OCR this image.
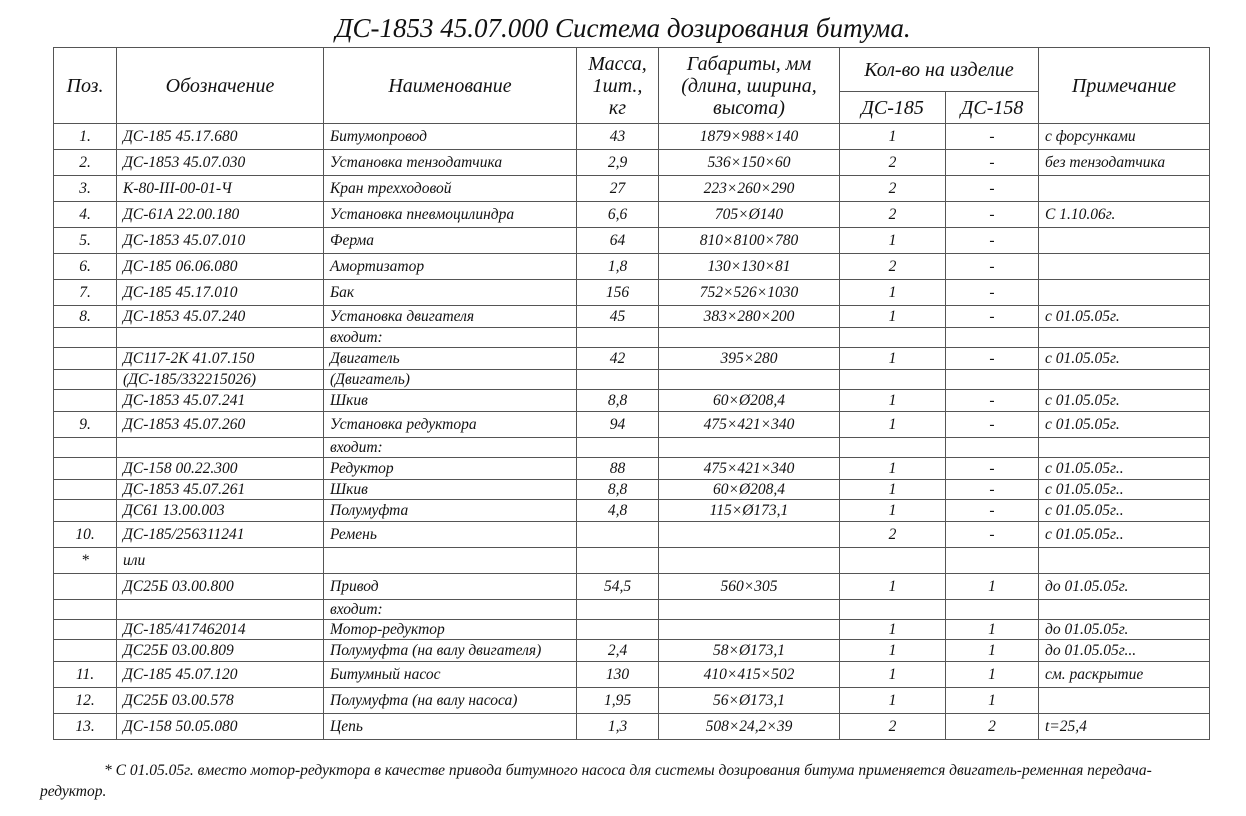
ДС-1853 45.07.000 Система дозирования битума.
Поз.	Обозначение	Наименование	Масса, 1шт., кг	Габариты, мм (длина, ширина, высота)	Кол-во на изделие		Примечание
					ДС-185	ДС-158	
1.	ДС-185 45.17.680	Битумопровод	43	1879×988×140	1	-	с форсунками
2.	ДС-1853 45.07.030	Установка тензодатчика	2,9	536×150×60	2	-	без тензодатчика
3.	К-80-III-00-01-Ч	Кран трехходовой	27	223×260×290	2	-	
4.	ДС-61А 22.00.180	Установка пневмоцилиндра	6,6	705×Ø140	2	-	С 1.10.06г.
5.	ДС-1853 45.07.010	Ферма	64	810×8100×780	1	-	
6.	ДС-185 06.06.080	Амортизатор	1,8	130×130×81	2	-	
7.	ДС-185 45.17.010	Бак	156	752×526×1030	1	-	
8.	ДС-1853 45.07.240	Установка двигателя	45	383×280×200	1	-	с 01.05.05г.
		входит:					
	ДС117-2К 41.07.150	Двигатель	42	395×280	1	-	с 01.05.05г.
	(ДС-185/332215026)	(Двигатель)					
	ДС-1853 45.07.241	Шкив	8,8	60×Ø208,4	1	-	с 01.05.05г.
9.	ДС-1853 45.07.260	Установка редуктора	94	475×421×340	1	-	с 01.05.05г.
		входит:					
	ДС-158 00.22.300	Редуктор	88	475×421×340	1	-	с 01.05.05г..
	ДС-1853 45.07.261	Шкив	8,8	60×Ø208,4	1	-	с 01.05.05г..
	ДС61 13.00.003	Полумуфта	4,8	115×Ø173,1	1	-	с 01.05.05г..
10.	ДС-185/256311241	Ремень			2	-	с 01.05.05г..
*	или						
	ДС25Б 03.00.800	Привод	54,5	560×305	1	1	до 01.05.05г.
		входит:					
	ДС-185/417462014	Мотор-редуктор			1	1	до 01.05.05г.
	ДС25Б 03.00.809	Полумуфта (на валу двигателя)	2,4	58×Ø173,1	1	1	до 01.05.05г...
11.	ДС-185 45.07.120	Битумный насос	130	410×415×502	1	1	см. раскрытие
12.	ДС25Б 03.00.578	Полумуфта (на валу насоса)	1,95	56×Ø173,1	1	1	
13.	ДС-158 50.05.080	Цепь	1,3	508×24,2×39	2	2	t=25,4
* С 01.05.05г. вместо мотор-редуктора в качестве привода битумного насоса для системы дозирования битума применяется двигатель-ременная передача-редуктор.
